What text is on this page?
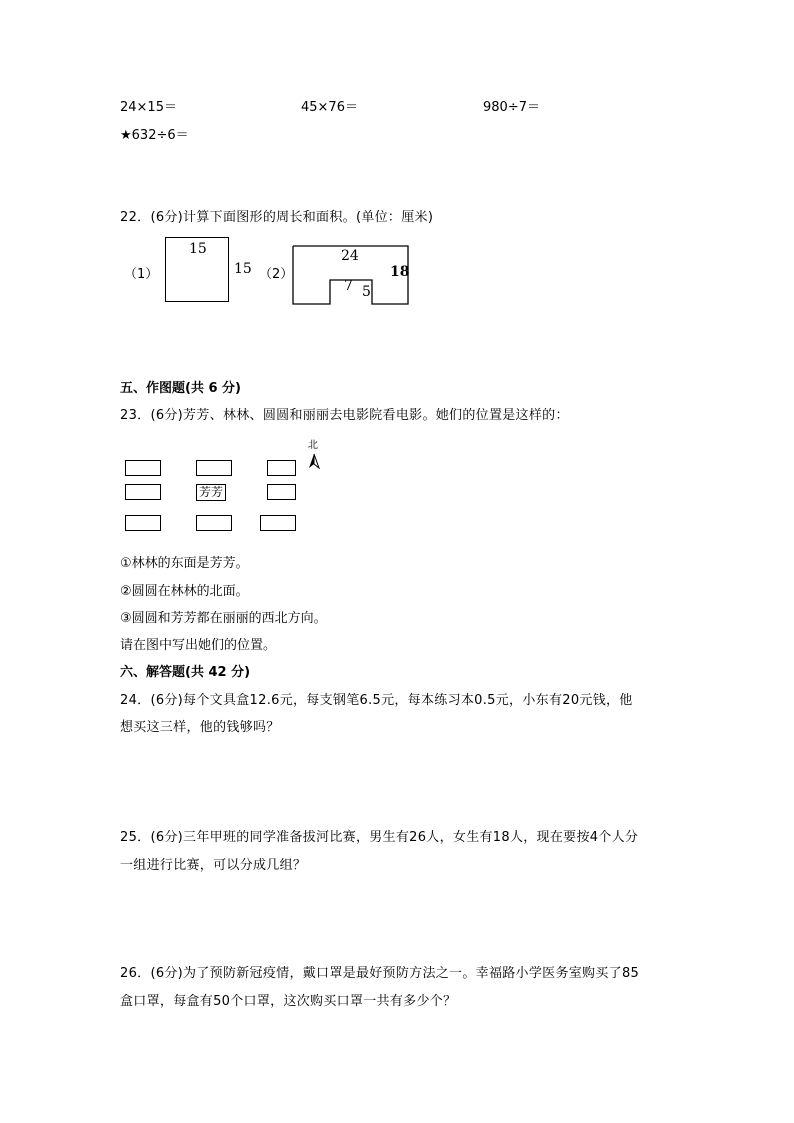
24×15＝	45×76＝	980÷7＝
★632÷6＝
22．(6分)计算下面图形的周长和面积。(单位：厘米)
（1）
15
15 （2）
24
18
7 5
五、作图题(共 6 分)
23．(6分)芳芳、林林、圆圆和丽丽去电影院看电影。她们的位置是这样的：
北
芳芳
①林林的东面是芳芳。
②圆圆在林林的北面。
③圆圆和芳芳都在丽丽的西北方向。
请在图中写出她们的位置。
六、解答题(共 42 分)
24．(6分)每个文具盒12.6元，每支钢笔6.5元，每本练习本0.5元，小东有20元钱，他
想买这三样，他的钱够吗？
25．(6分)三年甲班的同学准备拔河比赛，男生有26人，女生有18人，现在要按4个人分
一组进行比赛，可以分成几组？
26．(6分)为了预防新冠疫情，戴口罩是最好预防方法之一。幸福路小学医务室购买了85
盒口罩，每盒有50个口罩，这次购买口罩一共有多少个？
